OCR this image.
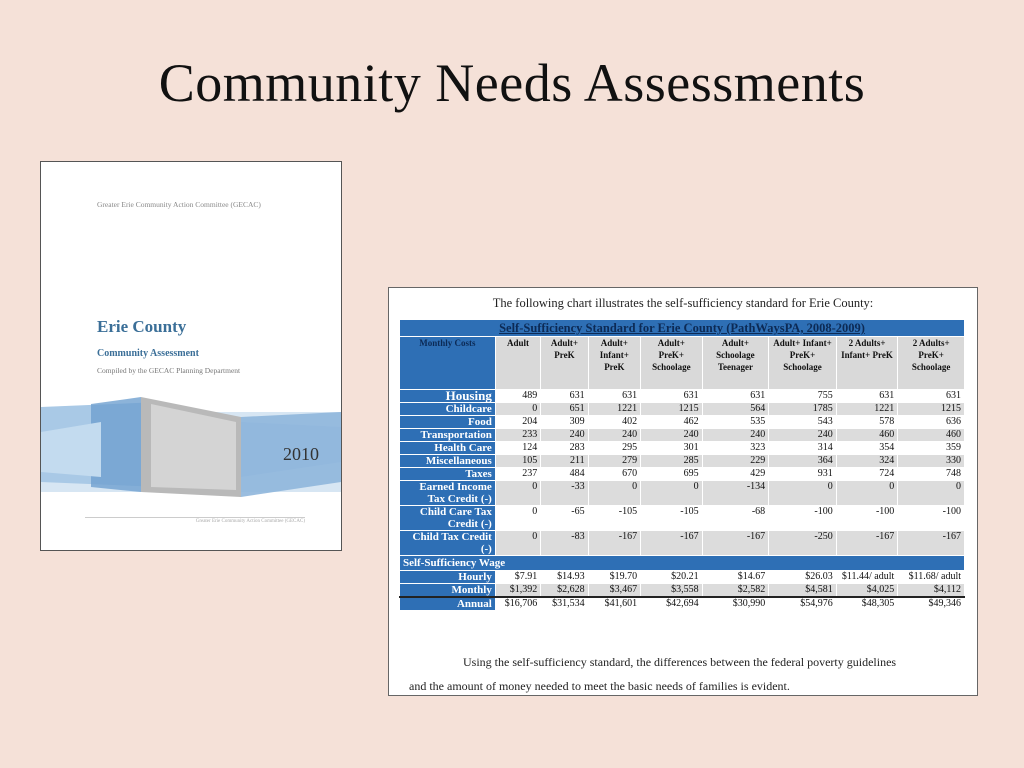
Community Needs Assessments
Greater Erie Community Action Committee (GECAC)
Erie County
Community Assessment
Compiled by the GECAC Planning Department
2010
Greater Erie Community Action Committee (GECAC)
The following chart illustrates the self-sufficiency standard for Erie County:
Self-Sufficiency Standard for Erie County (PathWaysPA, 2008-2009)								
Monthly Costs	Adult	Adult+ PreK	Adult+ Infant+ PreK	Adult+ PreK+ Schoolage	Adult+ Schoolage Teenager	Adult+ Infant+ PreK+ Schoolage	2 Adults+ Infant+ PreK	2 Adults+ PreK+ Schoolage
Housing	489	631	631	631	631	755	631	631
Childcare	0	651	1221	1215	564	1785	1221	1215
Food	204	309	402	462	535	543	578	636
Transportation	233	240	240	240	240	240	460	460
Health Care	124	283	295	301	323	314	354	359
Miscellaneous	105	211	279	285	229	364	324	330
Taxes	237	484	670	695	429	931	724	748
Earned Income Tax Credit (-)	0	-33	0	0	-134	0	0	0
Child Care Tax Credit (-)	0	-65	-105	-105	-68	-100	-100	-100
Child Tax Credit (-)	0	-83	-167	-167	-167	-250	-167	-167
Self-Sufficiency Wage								
Hourly	$7.91	$14.93	$19.70	$20.21	$14.67	$26.03	$11.44/ adult	$11.68/ adult
Monthly	$1,392	$2,628	$3,467	$3,558	$2,582	$4,581	$4,025	$4,112
Annual	$16,706	$31,534	$41,601	$42,694	$30,990	$54,976	$48,305	$49,346
Using the self-sufficiency standard, the differences between the federal poverty guidelines
and the amount of money needed to meet the basic needs of families is evident.
